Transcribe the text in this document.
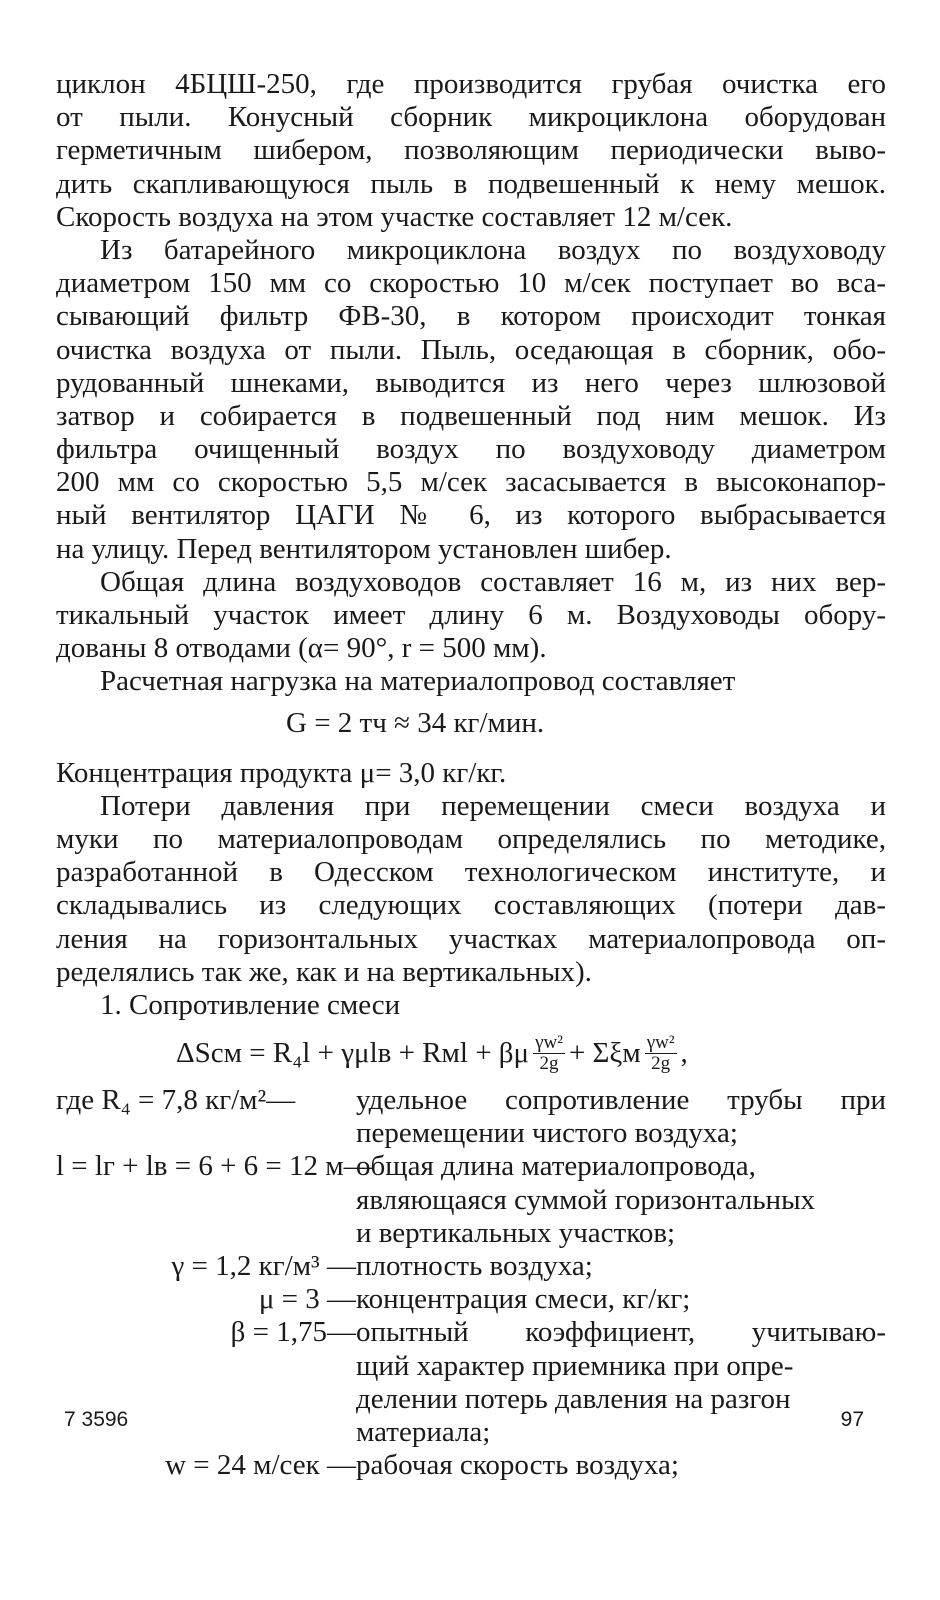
циклон 4БЦШ-250, где производится грубая очистка его
от пыли. Конусный сборник микроциклона оборудован
герметичным шибером, позволяющим периодически выво-
дить скапливающуюся пыль в подвешенный к нему мешок.
Скорость воздуха на этом участке составляет 12 м/сек.
Из батарейного микроциклона воздух по воздуховоду
диаметром 150 мм со скоростью 10 м/сек поступает во вса-
сывающий фильтр ФВ-30, в котором происходит тонкая
очистка воздуха от пыли. Пыль, оседающая в сборник, обо-
рудованный шнеками, выводится из него через шлюзовой
затвор и собирается в подвешенный под ним мешок. Из
фильтра очищенный воздух по воздуховоду диаметром
200 мм со скоростью 5,5 м/сек засасывается в высоконапор-
ный вентилятор ЦАГИ № 6, из которого выбрасывается
на улицу. Перед вентилятором установлен шибер.
Общая длина воздуховодов составляет 16 м, из них вер-
тикальный участок имеет длину 6 м. Воздуховоды обору-
дованы 8 отводами (α= 90°, r = 500 мм).
Расчетная нагрузка на материалопровод составляет
G = 2 тч ≈ 34 кг/мин.
Концентрация продукта μ= 3,0 кг/кг.
Потери давления при перемещении смеси воздуха и
муки по материалопроводам определялись по методике,
разработанной в Одесском технологическом институте, и
складывались из следующих составляющих (потери дав-
ления на горизонтальных участках материалопровода оп-
ределялись так же, как и на вертикальных).
1. Сопротивление смеси
ΔSсм = R₄l + γμlв + Rмl + βμ $\frac{\text{γw²}}{2g} + \Sigma\xi м \frac{\text{γw²}}{2g}$ ,
где R₄ = 7,8 кг/м²—	удельное сопротивление трубы при
перемещении чистого воздуха;
l = lг + lв = 6 + 6 = 12 м—
общая длина материалопровода,
являющаяся суммой горизонтальных
и вертикальных участков;
γ = 1,2 кг/м³ — плотность воздуха;
μ = 3 — концентрация смеси, кг/кг;
β = 1,75— опытный коэффициент, учитываю-
щий характер приемника при опре-
делении потерь давления на разгон
материала;
w = 24 м/сек — рабочая скорость воздуха;
7 3596	97
